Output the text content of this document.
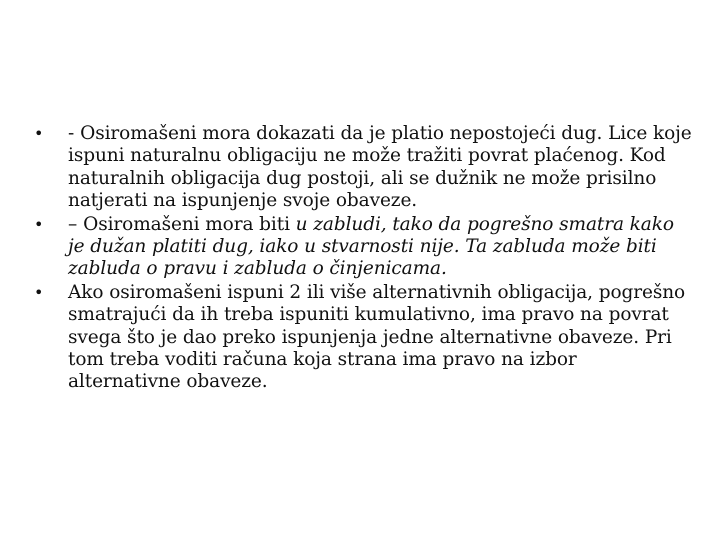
• - Osiromašeni mora dokazati da je platio nepostojeći dug. Lice koje ispuni naturalnu obligaciju ne može tražiti povrat plaćenog. Kod naturalnih obligacija dug postoji, ali se dužnik ne može prisilno natjerati na ispunjenje svoje obaveze.
• – Osiromašeni mora biti u zabludi, tako da pogrešno smatra kako je dužan platiti dug, iako u stvarnosti nije. Ta zabluda može biti zabluda o pravu i zabluda o činjenicama.
• Ako osiromašeni ispuni 2 ili više alternativnih obligacija, pogrešno smatrajući da ih treba ispuniti kumulativno, ima pravo na povrat svega što je dao preko ispunjenja jedne alternativne obaveze. Pri tom treba voditi računa koja strana ima pravo na izbor alternativne obaveze.
